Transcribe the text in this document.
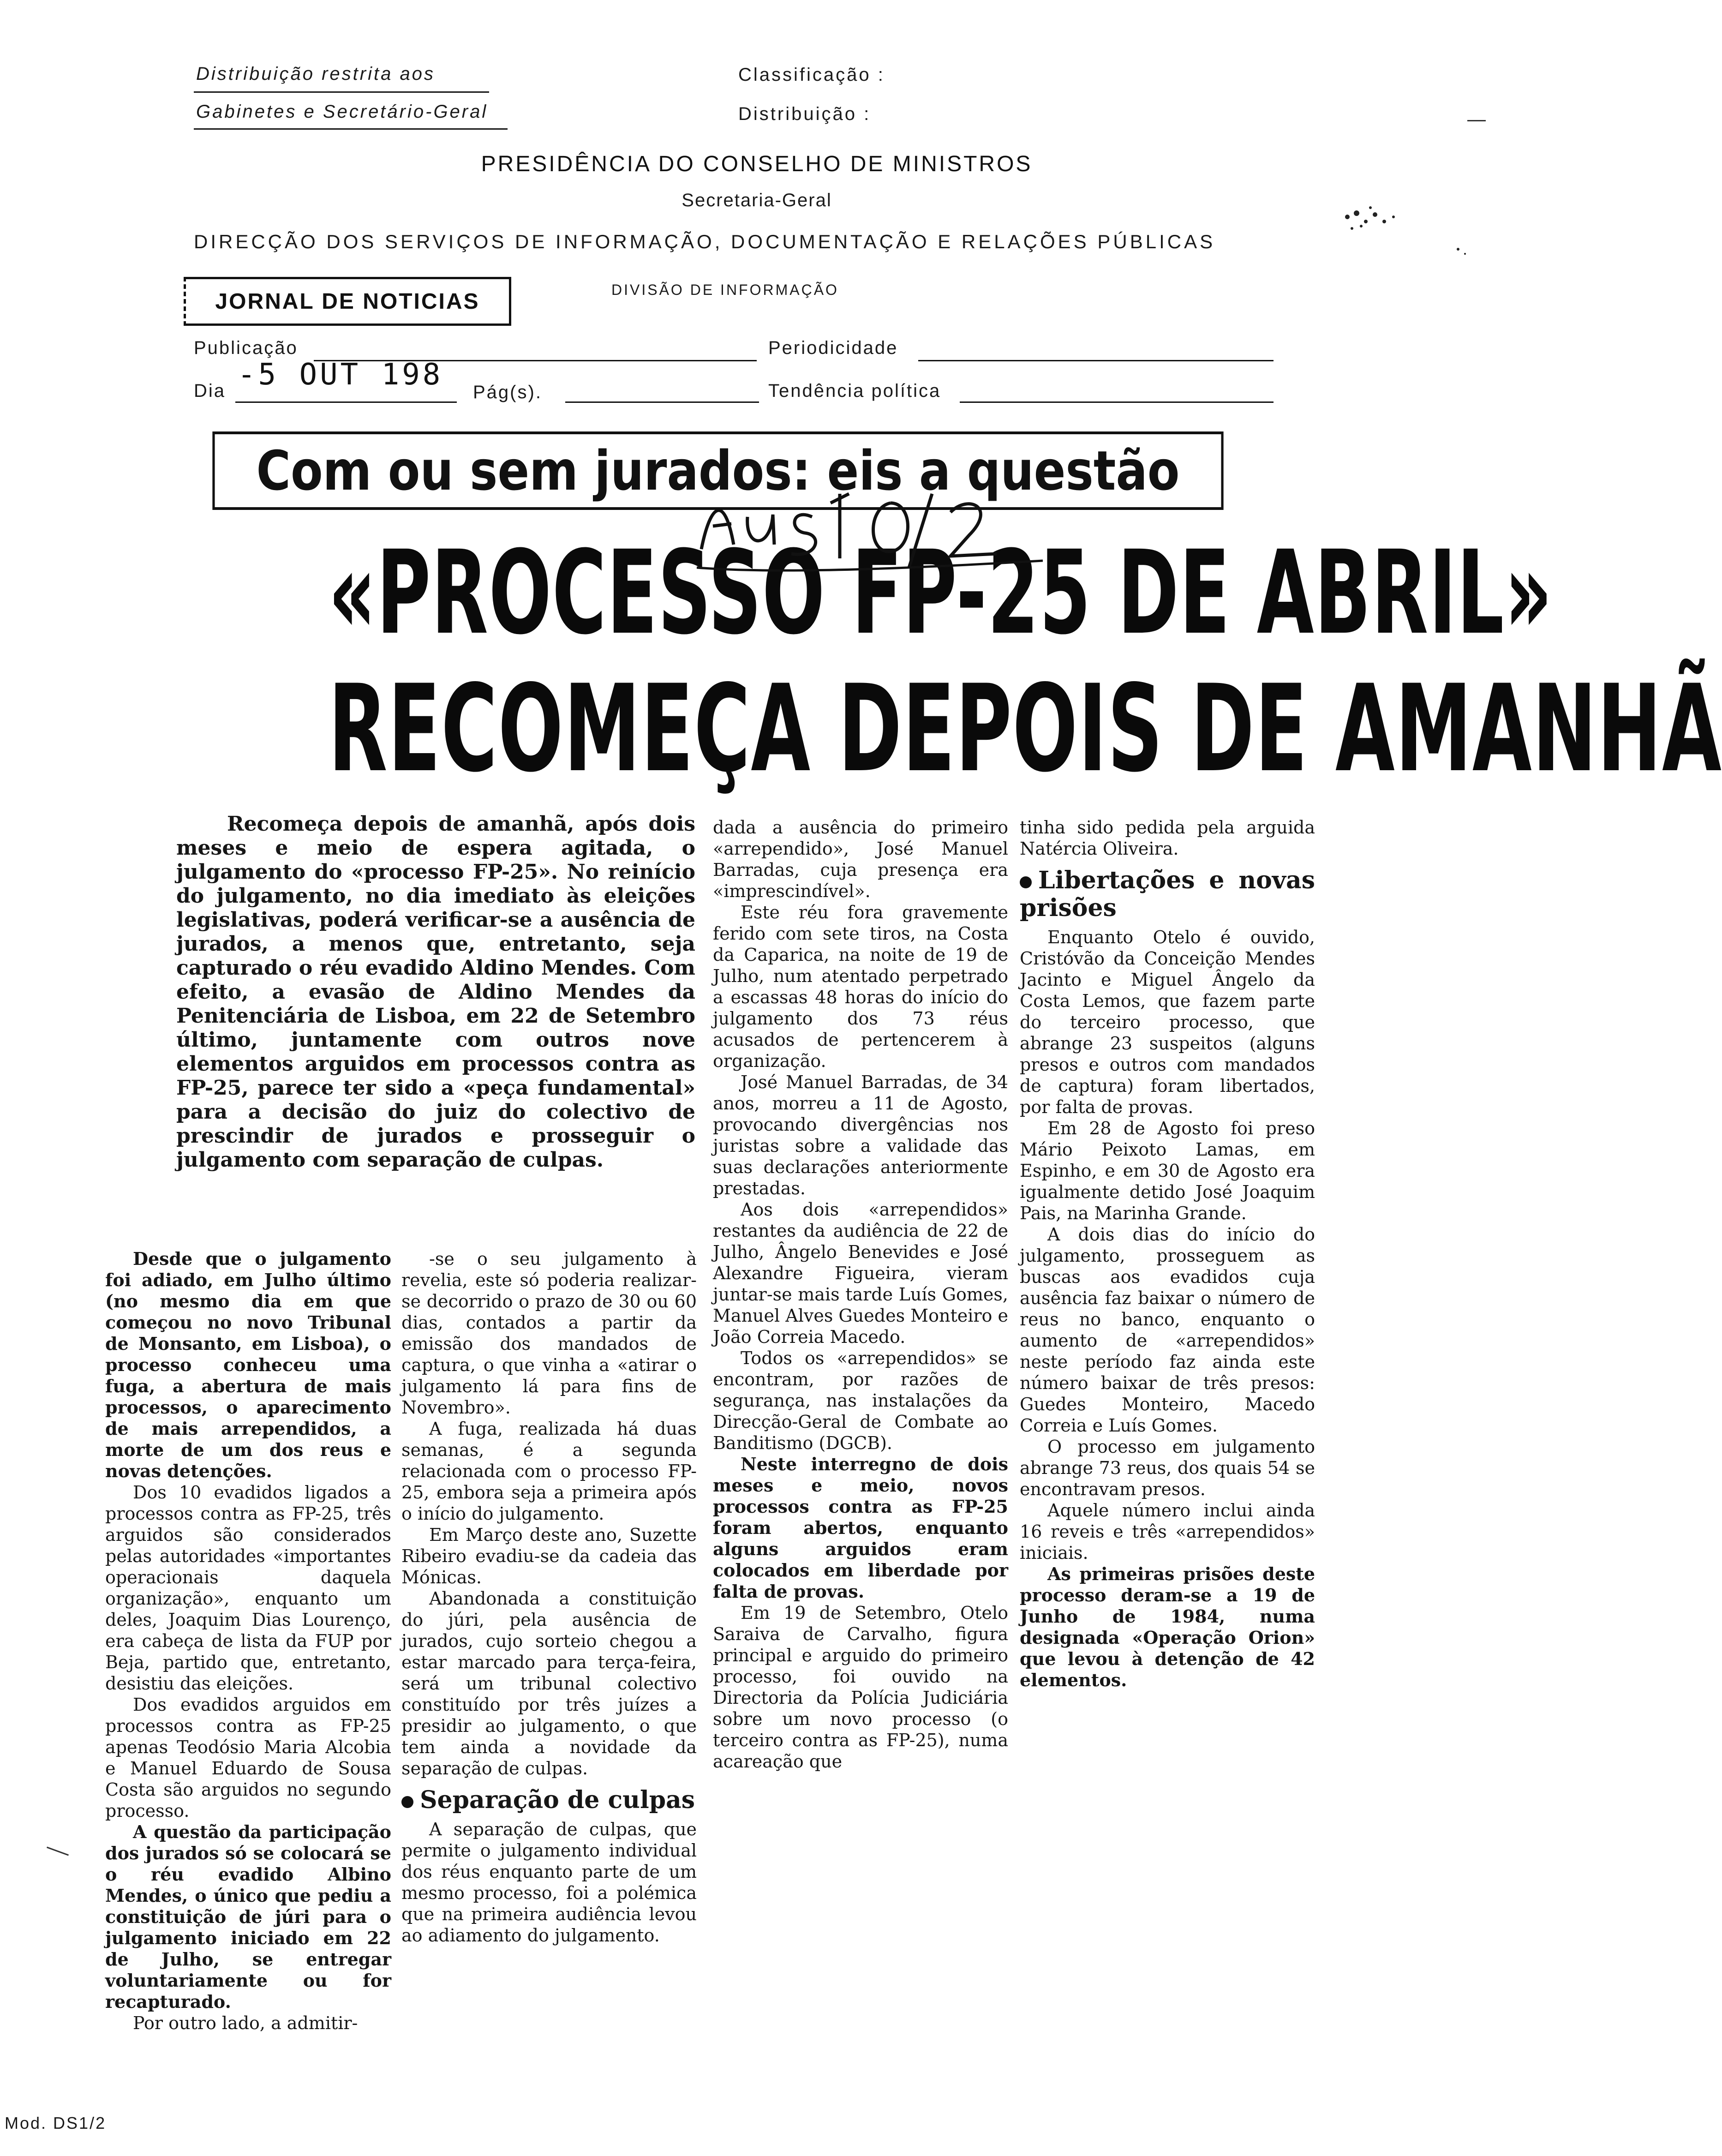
Distribuição restrita aos
Gabinetes e Secretário-Geral
Classificação :
Distribuição :
PRESIDÊNCIA DO CONSELHO DE MINISTROS
Secretaria-Geral
DIRECÇÃO DOS SERVIÇOS DE INFORMAÇÃO, DOCUMENTAÇÃO E RELAÇÕES PÚBLICAS
JORNAL DE NOTICIAS	DIVISÃO DE INFORMAÇÃO
Publicação	Periodicidade
Dia -5 OUT 198
Pág(s).	Tendência política
Com ou sem jurados: eis a questão
«PROCESSO FP-25 DE ABRIL»
RECOMEÇA DEPOIS DE AMANHÃ

Recomeça depois de amanhã, após dois meses e meio de espera agitada, o julgamento do «processo FP-25». No reinício do julgamento, no dia imediato às eleições legislativas, poderá verificar-se a ausência de jurados, a menos que, entretanto, seja capturado o réu evadido Aldino Mendes. Com efeito, a evasão de Aldino Mendes da Penitenciária de Lisboa, em 22 de Setembro último, juntamente com outros nove elementos arguidos em processos contra as FP-25, parece ter sido a «peça fundamental» para a decisão do juiz do colectivo de prescindir de jurados e prosseguir o julgamento com separação de culpas.

Desde que o julgamento foi adiado, em Julho último (no mesmo dia em que começou no novo Tribunal de Monsanto, em Lisboa), o processo conheceu uma fuga, a abertura de mais processos, o aparecimento de mais arrependidos, a morte de um dos reus e novas detenções.

Dos 10 evadidos ligados a processos contra as FP-25, três arguidos são considerados pelas autoridades «importantes operacionais daquela organização», enquanto um deles, Joaquim Dias Lourenço, era cabeça de lista da FUP por Beja, partido que, entretanto, desistiu das eleições.

Dos evadidos arguidos em processos contra as FP-25 apenas Teodósio Maria Alcobia e Manuel Eduardo de Sousa Costa são arguidos no segundo processo.

A questão da participação dos jurados só se colocará se o réu evadido Albino Mendes, o único que pediu a constituição de júri para o julgamento iniciado em 22 de Julho, se entregar voluntariamente ou for recapturado.

Por outro lado, a admitir-

-se o seu julgamento à revelia, este só poderia realizar-se decorrido o prazo de 30 ou 60 dias, contados a partir da emissão dos mandados de captura, o que vinha a «atirar o julgamento lá para fins de Novembro».

A fuga, realizada há duas semanas, é a segunda relacionada com o processo FP-25, embora seja a primeira após o início do julgamento.

Em Março deste ano, Suzette Ribeiro evadiu-se da cadeia das Mónicas.

Abandonada a constituição do júri, pela ausência de jurados, cujo sorteio chegou a estar marcado para terça-feira, será um tribunal colectivo constituído por três juízes a presidir ao julgamento, o que tem ainda a novidade da separação de culpas.

Separação de culpas

A separação de culpas, que permite o julgamento individual dos réus enquanto parte de um mesmo processo, foi a polémica que na primeira audiência levou ao adiamento do julgamento.

dada a ausência do primeiro «arrependido», José Manuel Barradas, cuja presença era «imprescindível».

Este réu fora gravemente ferido com sete tiros, na Costa da Caparica, na noite de 19 de Julho, num atentado perpetrado a escassas 48 horas do início do julgamento dos 73 réus acusados de pertencerem à organização.

José Manuel Barradas, de 34 anos, morreu a 11 de Agosto, provocando divergências nos juristas sobre a validade das suas declarações anteriormente prestadas.

Aos dois «arrependidos» restantes da audiência de 22 de Julho, Ângelo Benevides e José Alexandre Figueira, vieram juntar-se mais tarde Luís Gomes, Manuel Alves Guedes Monteiro e João Correia Macedo.

Todos os «arrependidos» se encontram, por razões de segurança, nas instalações da Direcção-Geral de Combate ao Banditismo (DGCB).

Neste interregno de dois meses e meio, novos processos contra as FP-25 foram abertos, enquanto alguns arguidos eram colocados em liberdade por falta de provas.

Em 19 de Setembro, Otelo Saraiva de Carvalho, figura principal e arguido do primeiro processo, foi ouvido na Directoria da Polícia Judiciária sobre um novo processo (o terceiro contra as FP-25), numa acareação que

tinha sido pedida pela arguida Natércia Oliveira.

Libertações e novas prisões

Enquanto Otelo é ouvido, Cristóvão da Conceição Mendes Jacinto e Miguel Ângelo da Costa Lemos, que fazem parte do terceiro processo, que abrange 23 suspeitos (alguns presos e outros com mandados de captura) foram libertados, por falta de provas.

Em 28 de Agosto foi preso Mário Peixoto Lamas, em Espinho, e em 30 de Agosto era igualmente detido José Joaquim Pais, na Marinha Grande.

A dois dias do início do julgamento, prosseguem as buscas aos evadidos cuja ausência faz baixar o número de reus no banco, enquanto o aumento de «arrependidos» neste período faz ainda este número baixar de três presos: Guedes Monteiro, Macedo Correia e Luís Gomes.

O processo em julgamento abrange 73 reus, dos quais 54 se encontravam presos.

Aquele número inclui ainda 16 reveis e três «arrependidos» iniciais.

As primeiras prisões deste processo deram-se a 19 de Junho de 1984, numa designada «Operação Orion» que levou à detenção de 42 elementos.

Mod. DS1/2
